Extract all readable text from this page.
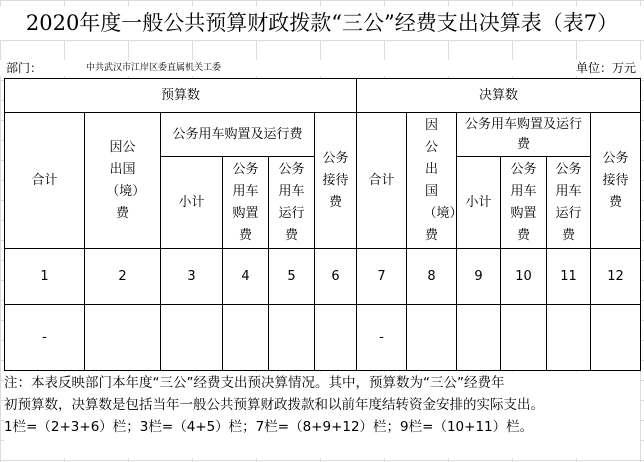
2020年度一般公共预算财政拨款“三公”经费支出决算表（表7）
部门：	中共武汉市江岸区委直属机关工委	单位：万元
预算数						决算数					
合计	因公出国（境）费	公务用车购置及运行费			公务接待费	合计	因公出国（境）费	公务用车购置及运行费			公务接待费
		小计	公务用车购置费	公务用车运行费				小计	公务用车购置费	公务用车运行费	
1	2	3	4	5	6	7	8	9	10	11	12
-						-					
注：本表反映部门本年度“三公”经费支出预决算情况。其中，预算数为“三公”经费年
初预算数，决算数是包括当年一般公共预算财政拨款和以前年度结转资金安排的实际支出。
1栏=（2+3+6）栏；3栏=（4+5）栏；7栏=（8+9+12）栏；9栏=（10+11）栏。
